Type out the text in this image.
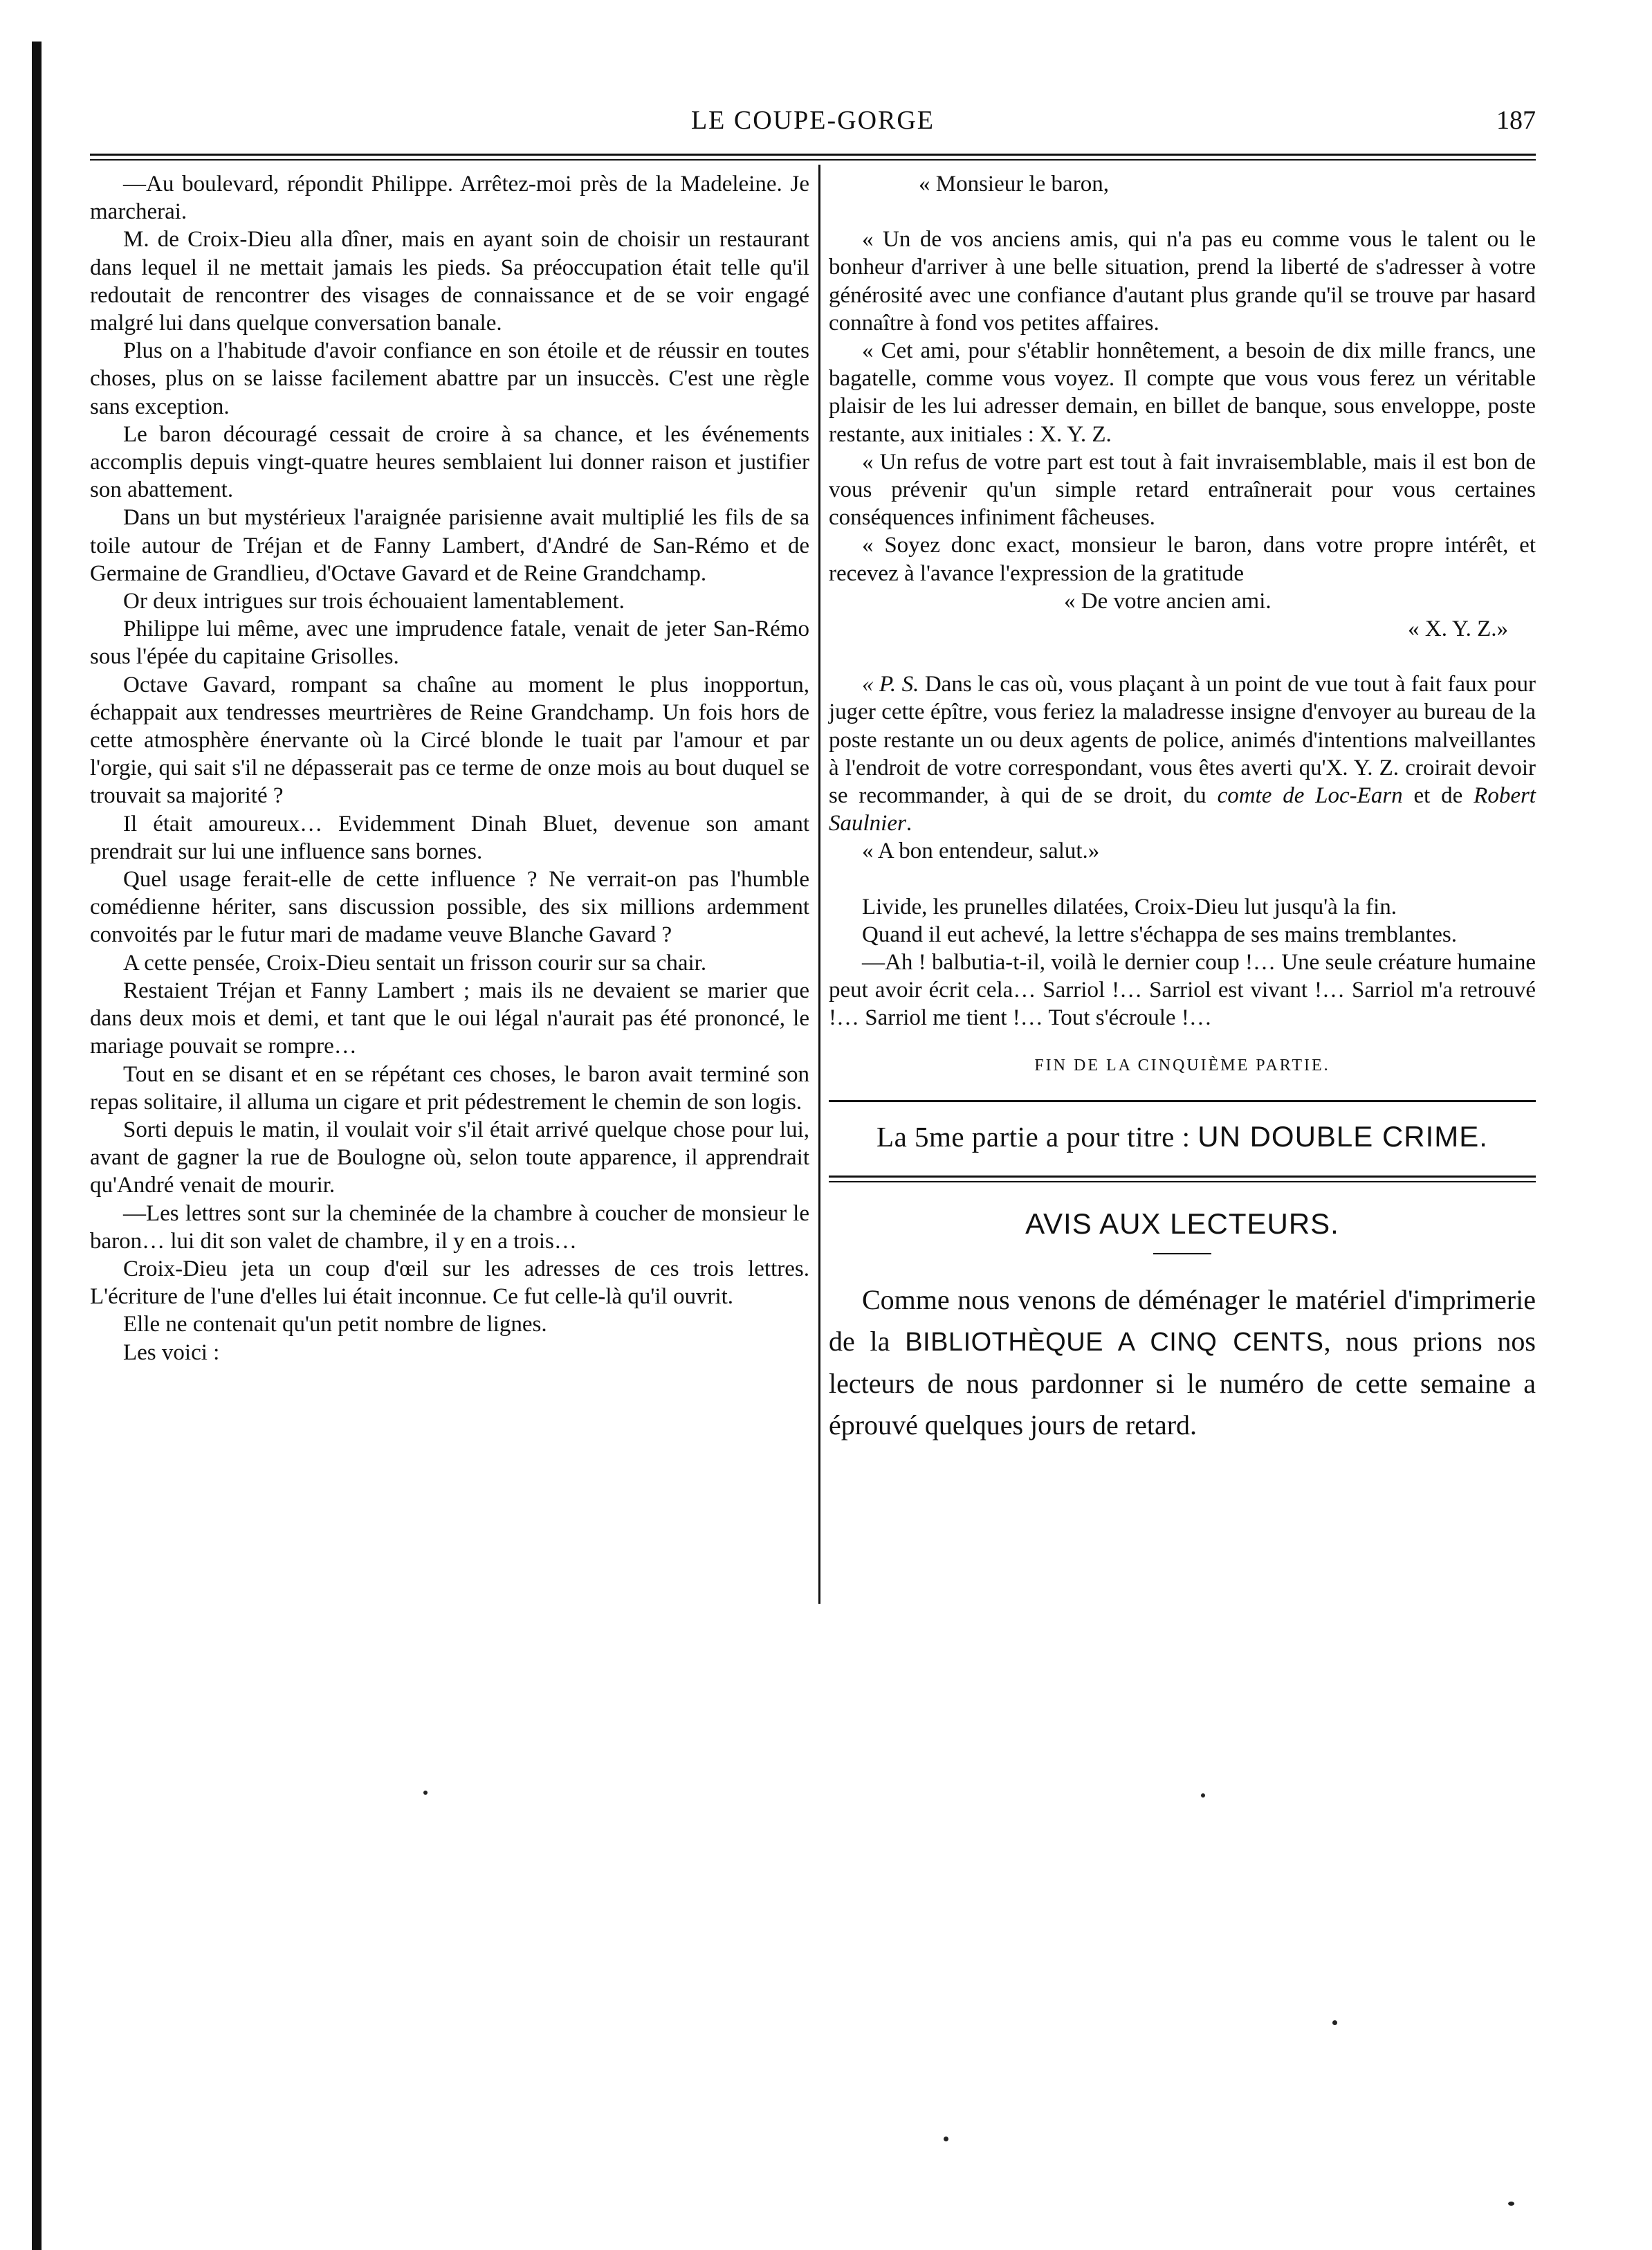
LE COUPE-GORGE	187

—Au boulevard, répondit Philippe. Arrêtez-moi près de la Madeleine. Je marcherai.

M. de Croix-Dieu alla dîner, mais en ayant soin de choisir un restaurant dans lequel il ne mettait jamais les pieds. Sa préoccupation était telle qu'il redoutait de rencontrer des visages de connaissance et de se voir engagé malgré lui dans quelque conversation banale.

Plus on a l'habitude d'avoir confiance en son étoile et de réussir en toutes choses, plus on se laisse facilement abattre par un insuccès. C'est une règle sans exception.

Le baron découragé cessait de croire à sa chance, et les événements accomplis depuis vingt-quatre heures semblaient lui donner raison et justifier son abattement.

Dans un but mystérieux l'araignée parisienne avait multiplié les fils de sa toile autour de Tréjan et de Fanny Lambert, d'André de San-Rémo et de Germaine de Grandlieu, d'Octave Gavard et de Reine Grandchamp.

Or deux intrigues sur trois échouaient lamentablement.

Philippe lui même, avec une imprudence fatale, venait de jeter San-Rémo sous l'épée du capitaine Grisolles.

Octave Gavard, rompant sa chaîne au moment le plus inopportun, échappait aux tendresses meurtrières de Reine Grandchamp. Un fois hors de cette atmosphère énervante où la Circé blonde le tuait par l'amour et par l'orgie, qui sait s'il ne dépasserait pas ce terme de onze mois au bout duquel se trouvait sa majorité ?

Il était amoureux… Evidemment Dinah Bluet, devenue son amant prendrait sur lui une influence sans bornes.

Quel usage ferait-elle de cette influence ? Ne verrait-on pas l'humble comédienne hériter, sans discussion possible, des six millions ardemment convoités par le futur mari de madame veuve Blanche Gavard ?

A cette pensée, Croix-Dieu sentait un frisson courir sur sa chair.

Restaient Tréjan et Fanny Lambert ; mais ils ne devaient se marier que dans deux mois et demi, et tant que le oui légal n'aurait pas été prononcé, le mariage pouvait se rompre…

Tout en se disant et en se répétant ces choses, le baron avait terminé son repas solitaire, il alluma un cigare et prit pédestrement le chemin de son logis.

Sorti depuis le matin, il voulait voir s'il était arrivé quelque chose pour lui, avant de gagner la rue de Boulogne où, selon toute apparence, il apprendrait qu'André venait de mourir.

—Les lettres sont sur la cheminée de la chambre à coucher de monsieur le baron… lui dit son valet de chambre, il y en a trois…

Croix-Dieu jeta un coup d'œil sur les adresses de ces trois lettres. L'écriture de l'une d'elles lui était inconnue. Ce fut celle-là qu'il ouvrit.

Elle ne contenait qu'un petit nombre de lignes.

Les voici :

« Monsieur le baron,

« Un de vos anciens amis, qui n'a pas eu comme vous le talent ou le bonheur d'arriver à une belle situation, prend la liberté de s'adresser à votre générosité avec une confiance d'autant plus grande qu'il se trouve par hasard connaître à fond vos petites affaires.

« Cet ami, pour s'établir honnêtement, a besoin de dix mille francs, une bagatelle, comme vous voyez. Il compte que vous vous ferez un véritable plaisir de les lui adresser demain, en billet de banque, sous enveloppe, poste restante, aux initiales : X. Y. Z.

« Un refus de votre part est tout à fait invraisemblable, mais il est bon de vous prévenir qu'un simple retard entraînerait pour vous certaines conséquences infiniment fâcheuses.

« Soyez donc exact, monsieur le baron, dans votre propre intérêt, et recevez à l'avance l'expression de la gratitude

« De votre ancien ami.

« X. Y. Z.»

« P. S. Dans le cas où, vous plaçant à un point de vue tout à fait faux pour juger cette épître, vous feriez la maladresse insigne d'envoyer au bureau de la poste restante un ou deux agents de police, animés d'intentions malveillantes à l'endroit de votre correspondant, vous êtes averti qu'X. Y. Z. croirait devoir se recommander, à qui de se droit, du comte de Loc-Earn et de Robert Saulnier.

« A bon entendeur, salut.»

Livide, les prunelles dilatées, Croix-Dieu lut jusqu'à la fin.

Quand il eut achevé, la lettre s'échappa de ses mains tremblantes.

—Ah ! balbutia-t-il, voilà le dernier coup !… Une seule créature humaine peut avoir écrit cela… Sarriol !… Sarriol est vivant !… Sarriol m'a retrouvé !… Sarriol me tient !… Tout s'écroule !…

FIN DE LA CINQUIÈME PARTIE.
La 5me partie a pour titre : UN DOUBLE CRIME.
AVIS AUX LECTEURS.
Comme nous venons de déménager le matériel d'imprimerie de la BIBLIOTHÈQUE A CINQ CENTS, nous prions nos lecteurs de nous pardonner si le numéro de cette semaine a éprouvé quelques jours de retard.
